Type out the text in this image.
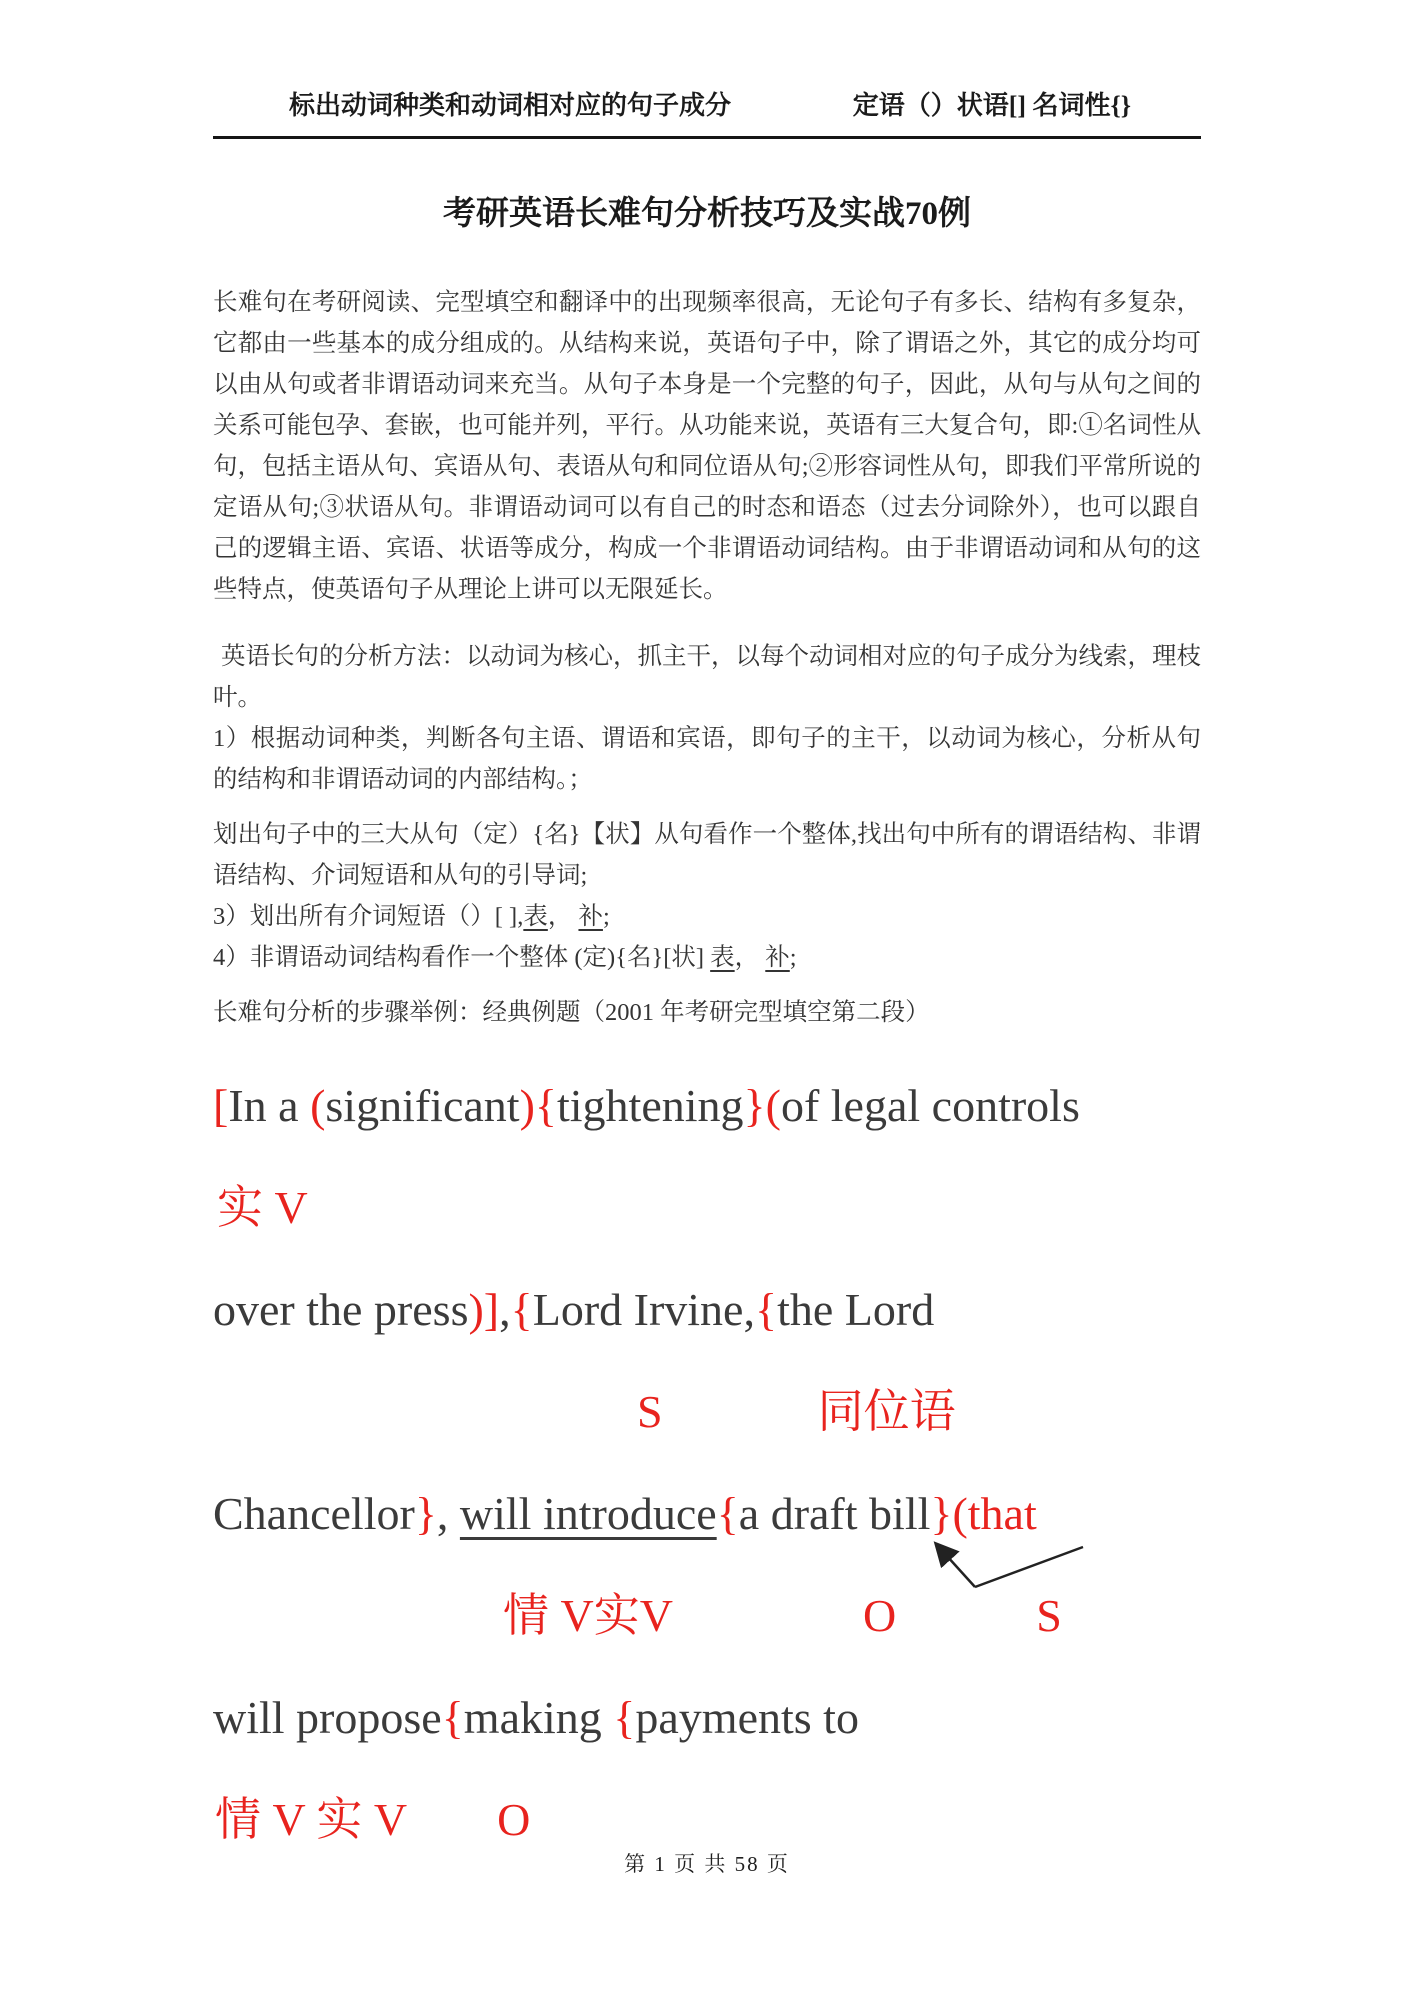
标出动词种类和动词相对应的句子成分	定语（）状语[] 名词性{}
考研英语长难句分析技巧及实战70例
长难句在考研阅读、完型填空和翻译中的出现频率很高，无论句子有多长、结构有多复杂，它都由一些基本的成分组成的。从结构来说，英语句子中，除了谓语之外，其它的成分均可以由从句或者非谓语动词来充当。从句子本身是一个完整的句子，因此，从句与从句之间的关系可能包孕、套嵌，也可能并列，平行。从功能来说，英语有三大复合句，即:①名词性从句，包括主语从句、宾语从句、表语从句和同位语从句;②形容词性从句，即我们平常所说的定语从句;③状语从句。非谓语动词可以有自己的时态和语态（过去分词除外），也可以跟自己的逻辑主语、宾语、状语等成分，构成一个非谓语动词结构。由于非谓语动词和从句的这些特点，使英语句子从理论上讲可以无限延长。
英语长句的分析方法：以动词为核心，抓主干，以每个动词相对应的句子成分为线索，理枝叶。
1）根据动词种类，判断各句主语、谓语和宾语，即句子的主干，以动词为核心，分析从句的结构和非谓语动词的内部结构。；
划出句子中的三大从句（定）{名}【状】从句看作一个整体,找出句中所有的谓语结构、非谓语结构、介词短语和从句的引导词;
3）划出所有介词短语（）[ ],表， 补;
4）非谓语动词结构看作一个整体 (定){名}[状] 表， 补;
长难句分析的步骤举例：经典例题（2001 年考研完型填空第二段）
[In a (significant){tightening}(of legal controls
实 V
over the press)],{Lord Irvine,{the Lord
S	同位语
Chancellor}, will introduce{a draft bill}(that
情 V实V	O	S
will propose{making {payments to
情 V 实 V O
第 1 页 共 58 页
